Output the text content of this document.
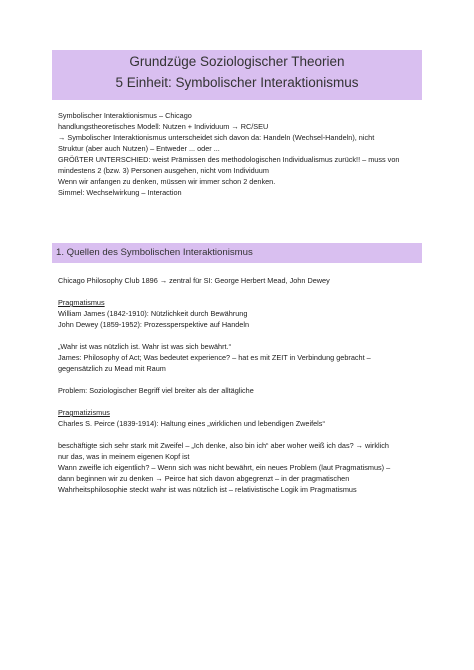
Grundzüge Soziologischer Theorien
5 Einheit: Symbolischer Interaktionismus
Symbolischer Interaktionismus – Chicago
handlungstheoretisches Modell: Nutzen + Individuum → RC/SEU
→ Symbolischer Interaktionismus unterscheidet sich davon da: Handeln (Wechsel-Handeln), nicht
Struktur (aber auch Nutzen) – Entweder ... oder ...
GRÖßTER UNTERSCHIED: weist Prämissen des methodologischen Individualismus zurück!! – muss von
mindestens 2 (bzw. 3) Personen ausgehen, nicht vom Individuum
Wenn wir anfangen zu denken, müssen wir immer schon 2 denken.
Simmel: Wechselwirkung – Interaction
1. Quellen des Symbolischen Interaktionismus
Chicago Philosophy Club 1896 → zentral für SI: George Herbert Mead, John Dewey
Pragmatismus
William James (1842-1910): Nützlichkeit durch Bewährung
John Dewey (1859-1952): Prozessperspektive auf Handeln
„Wahr ist was nützlich ist. Wahr ist was sich bewährt.“
James: Philosophy of Act; Was bedeutet experience? – hat es mit ZEIT in Verbindung gebracht –
gegensätzlich zu Mead mit Raum
Problem: Soziologischer Begriff viel breiter als der alltägliche
Pragmatizismus
Charles S. Peirce (1839-1914): Haltung eines „wirklichen und lebendigen Zweifels“
beschäftigte sich sehr stark mit Zweifel – „Ich denke, also bin ich“ aber woher weiß ich das? → wirklich
nur das, was in meinem eigenen Kopf ist
Wann zweifle ich eigentlich? – Wenn sich was nicht bewährt, ein neues Problem (laut Pragmatismus) –
dann beginnen wir zu denken → Peirce hat sich davon abgegrenzt – in der pragmatischen
Wahrheitsphilosophie steckt wahr ist was nützlich ist – relativistische Logik im Pragmatismus
